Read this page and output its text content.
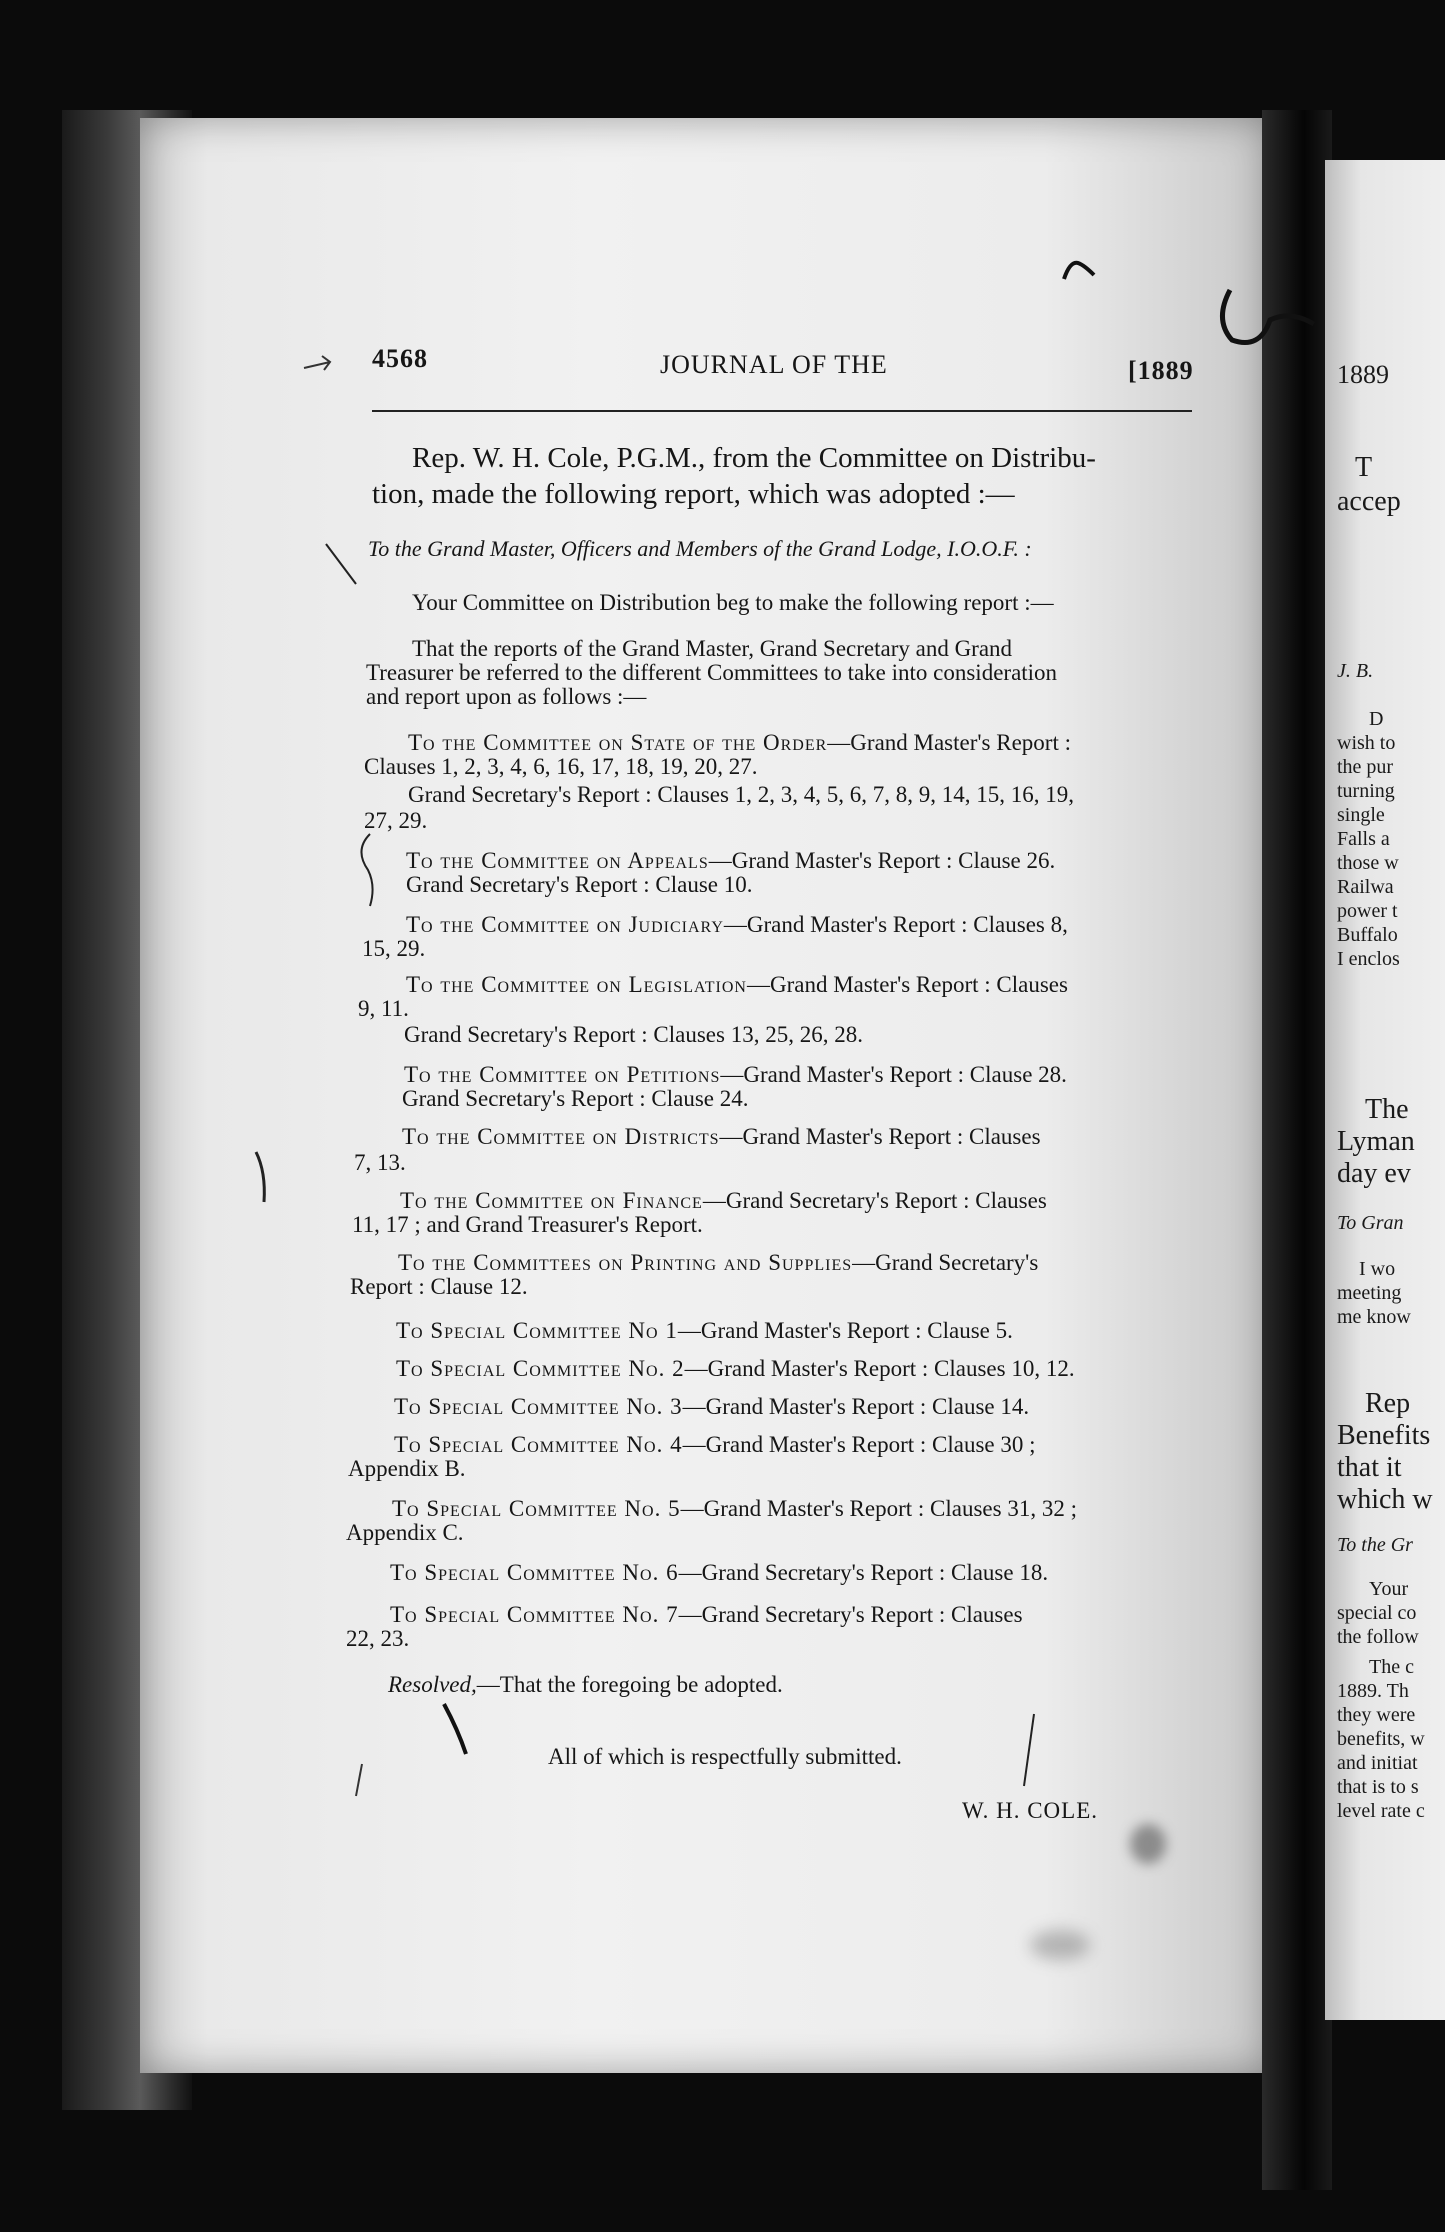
1889
T
accep
J. B.
D
wish to
the pur
turning
single
Falls a
those w
Railwa
power t
Buffalo
I enclos
The
Lyman
day ev
To Gran
I wo
meeting
me know
Rep
Benefits
that it
which w
To the Gr
Your
special co
the follow
The c
1889. Th
they were
benefits, w
and initiat
that is to s
level rate c
4568	JOURNAL OF THE	[1889
Rep. W. H. Cole, P.G.M., from the Committee on Distribu-
tion, made the following report, which was adopted :—
To the Grand Master, Officers and Members of the Grand Lodge, I.O.O.F. :
Your Committee on Distribution beg to make the following report :—
That the reports of the Grand Master, Grand Secretary and Grand
Treasurer be referred to the different Committees to take into consideration
and report upon as follows :—
To the Committee on State of the Order—Grand Master's Report :
Clauses 1, 2, 3, 4, 6, 16, 17, 18, 19, 20, 27.
Grand Secretary's Report : Clauses 1, 2, 3, 4, 5, 6, 7, 8, 9, 14, 15, 16, 19,
27, 29.
To the Committee on Appeals—Grand Master's Report : Clause 26.
Grand Secretary's Report : Clause 10.
To the Committee on Judiciary—Grand Master's Report : Clauses 8,
15, 29.
To the Committee on Legislation—Grand Master's Report : Clauses
9, 11.
Grand Secretary's Report : Clauses 13, 25, 26, 28.
To the Committee on Petitions—Grand Master's Report : Clause 28.
Grand Secretary's Report : Clause 24.
To the Committee on Districts—Grand Master's Report : Clauses
7, 13.
To the Committee on Finance—Grand Secretary's Report : Clauses
11, 17 ; and Grand Treasurer's Report.
To the Committees on Printing and Supplies—Grand Secretary's
Report : Clause 12.
To Special Committee No 1—Grand Master's Report : Clause 5.
To Special Committee No. 2—Grand Master's Report : Clauses 10, 12.
To Special Committee No. 3—Grand Master's Report : Clause 14.
To Special Committee No. 4—Grand Master's Report : Clause 30 ;
Appendix B.
To Special Committee No. 5—Grand Master's Report : Clauses 31, 32 ;
Appendix C.
To Special Committee No. 6—Grand Secretary's Report : Clause 18.
To Special Committee No. 7—Grand Secretary's Report : Clauses
22, 23.
Resolved,—That the foregoing be adopted.
All of which is respectfully submitted.
W. H. COLE.
